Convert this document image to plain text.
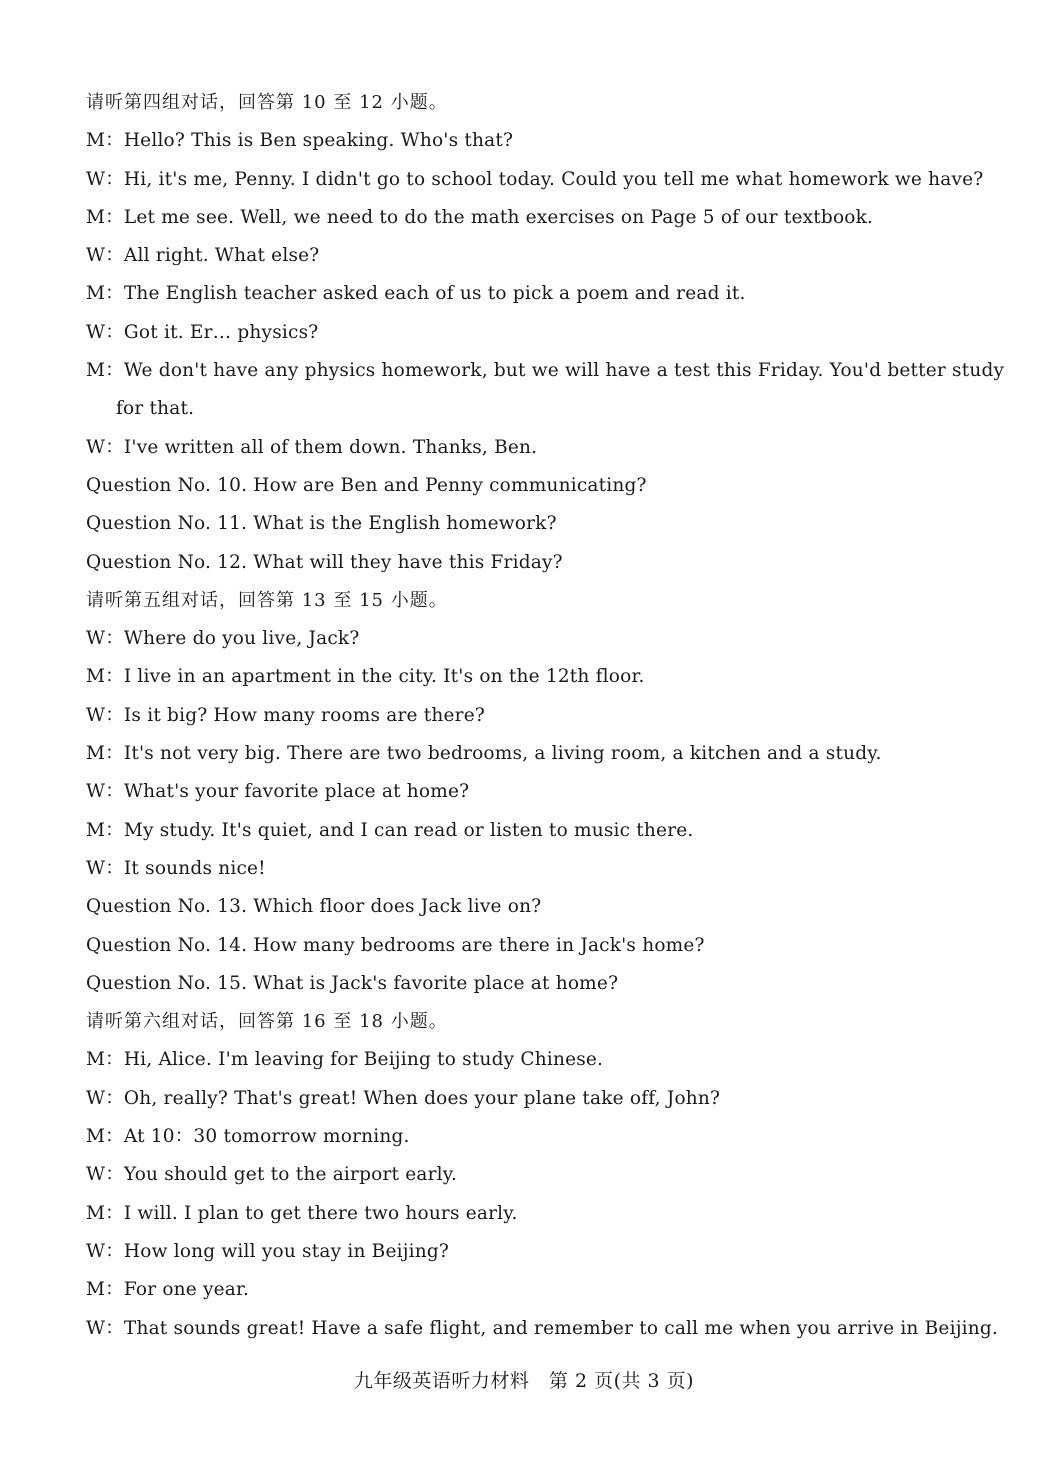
请听第四组对话，回答第 10 至 12 小题。
M：Hello? This is Ben speaking. Who's that?
W：Hi, it's me, Penny. I didn't go to school today. Could you tell me what homework we have?
M：Let me see. Well, we need to do the math exercises on Page 5 of our textbook.
W：All right. What else?
M：The English teacher asked each of us to pick a poem and read it.
W：Got it. Er… physics?
M：We don't have any physics homework, but we will have a test this Friday. You'd better study
for that.
W：I've written all of them down. Thanks, Ben.
Question No. 10. How are Ben and Penny communicating?
Question No. 11. What is the English homework?
Question No. 12. What will they have this Friday?
请听第五组对话，回答第 13 至 15 小题。
W：Where do you live, Jack?
M：I live in an apartment in the city. It's on the 12th floor.
W：Is it big? How many rooms are there?
M：It's not very big. There are two bedrooms, a living room, a kitchen and a study.
W：What's your favorite place at home?
M：My study. It's quiet, and I can read or listen to music there.
W：It sounds nice!
Question No. 13. Which floor does Jack live on?
Question No. 14. How many bedrooms are there in Jack's home?
Question No. 15. What is Jack's favorite place at home?
请听第六组对话，回答第 16 至 18 小题。
M：Hi, Alice. I'm leaving for Beijing to study Chinese.
W：Oh, really? That's great! When does your plane take off, John?
M：At 10：30 tomorrow morning.
W：You should get to the airport early.
M：I will. I plan to get there two hours early.
W：How long will you stay in Beijing?
M：For one year.
W：That sounds great! Have a safe flight, and remember to call me when you arrive in Beijing.
九年级英语听力材料　第 2 页(共 3 页)
